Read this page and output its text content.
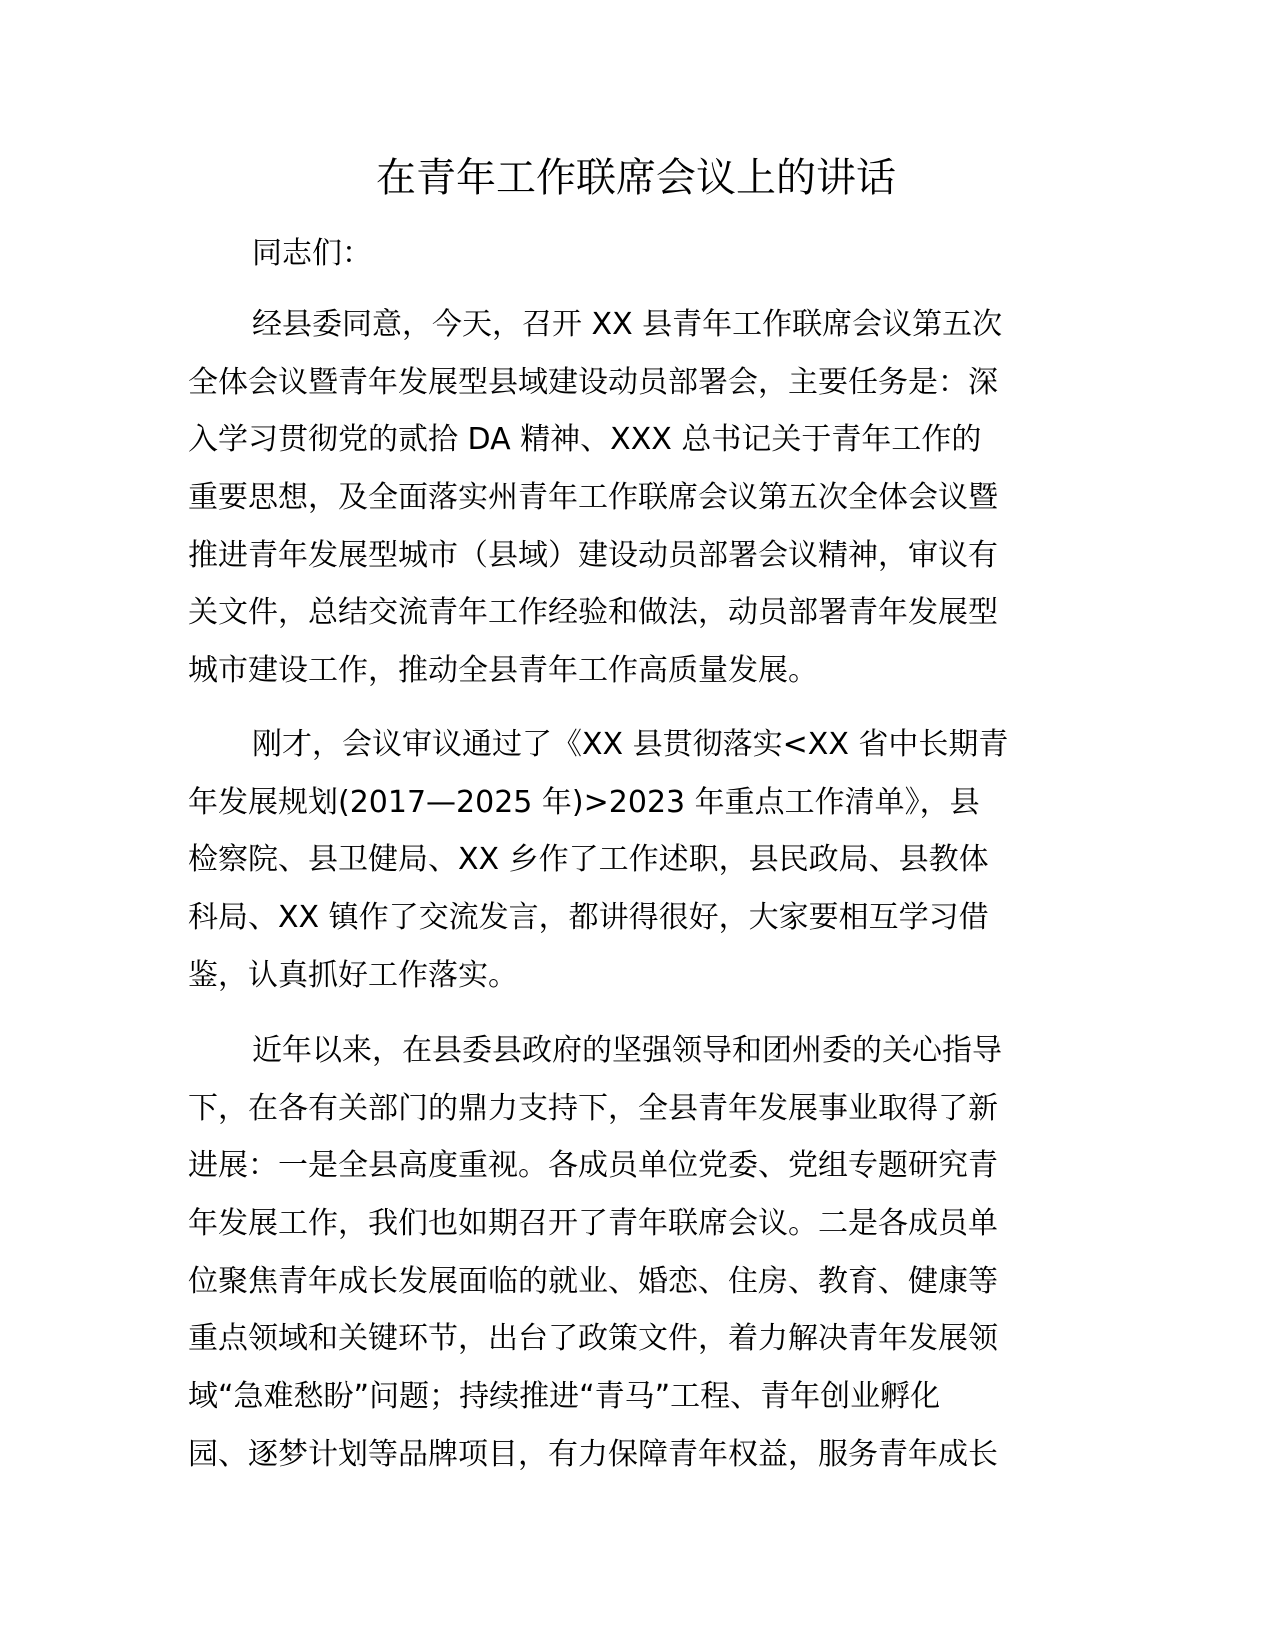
在青年工作联席会议上的讲话
同志们：
经县委同意，今天，召开 XX 县青年工作联席会议第五次
全体会议暨青年发展型县域建设动员部署会，主要任务是：深
入学习贯彻党的贰拾 DA 精神、XXX 总书记关于青年工作的
重要思想，及全面落实州青年工作联席会议第五次全体会议暨
推进青年发展型城市（县域）建设动员部署会议精神，审议有
关文件，总结交流青年工作经验和做法，动员部署青年发展型
城市建设工作，推动全县青年工作高质量发展。
刚才，会议审议通过了《XX 县贯彻落实<XX 省中长期青
年发展规划(2017—2025 年)>2023 年重点工作清单》，县
检察院、县卫健局、XX 乡作了工作述职，县民政局、县教体
科局、XX 镇作了交流发言，都讲得很好，大家要相互学习借
鉴，认真抓好工作落实。
近年以来，在县委县政府的坚强领导和团州委的关心指导
下，在各有关部门的鼎力支持下，全县青年发展事业取得了新
进展：一是全县高度重视。各成员单位党委、党组专题研究青
年发展工作，我们也如期召开了青年联席会议。二是各成员单
位聚焦青年成长发展面临的就业、婚恋、住房、教育、健康等
重点领域和关键环节，出台了政策文件，着力解决青年发展领
域“急难愁盼”问题；持续推进“青马”工程、青年创业孵化
园、逐梦计划等品牌项目，有力保障青年权益，服务青年成长
